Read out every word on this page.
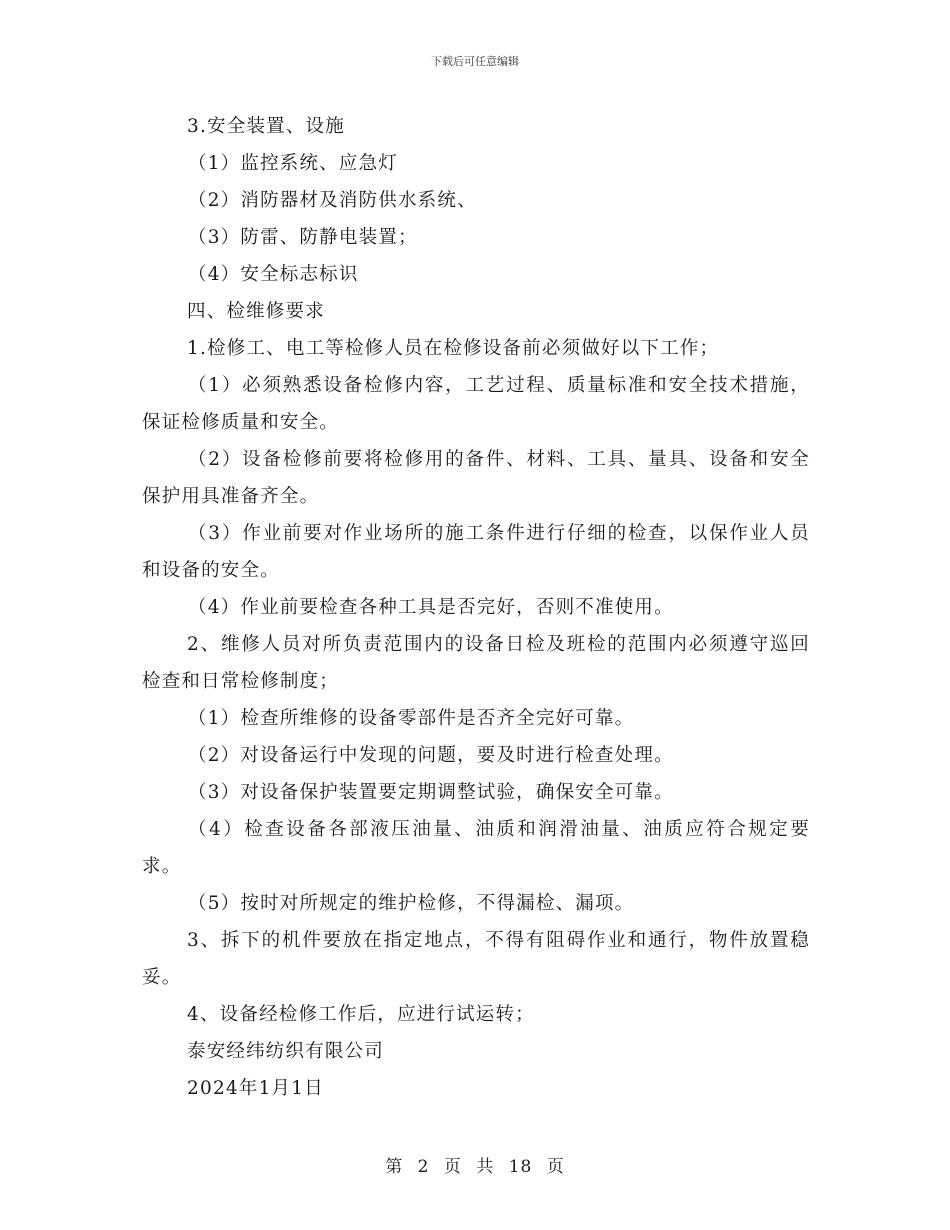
下载后可任意编辑

3.安全装置、设施

（1）监控系统、应急灯

（2）消防器材及消防供水系统、

（3）防雷、防静电装置；

（4）安全标志标识

四、检维修要求

1.检修工、电工等检修人员在检修设备前必须做好以下工作；

（1）必须熟悉设备检修内容，工艺过程、质量标准和安全技术措施，保证检修质量和安全。

（2）设备检修前要将检修用的备件、材料、工具、量具、设备和安全保护用具准备齐全。

（3）作业前要对作业场所的施工条件进行仔细的检查，以保作业人员和设备的安全。

（4）作业前要检查各种工具是否完好，否则不准使用。

2、维修人员对所负责范围内的设备日检及班检的范围内必须遵守巡回检查和日常检修制度；

（1）检查所维修的设备零部件是否齐全完好可靠。

（2）对设备运行中发现的问题，要及时进行检查处理。

（3）对设备保护装置要定期调整试验，确保安全可靠。

（4）检查设备各部液压油量、油质和润滑油量、油质应符合规定要求。

（5）按时对所规定的维护检修，不得漏检、漏项。

3、拆下的机件要放在指定地点，不得有阻碍作业和通行，物件放置稳妥。

4、设备经检修工作后，应进行试运转；

泰安经纬纺织有限公司

2024年1月1日

第 2 页 共 18 页
